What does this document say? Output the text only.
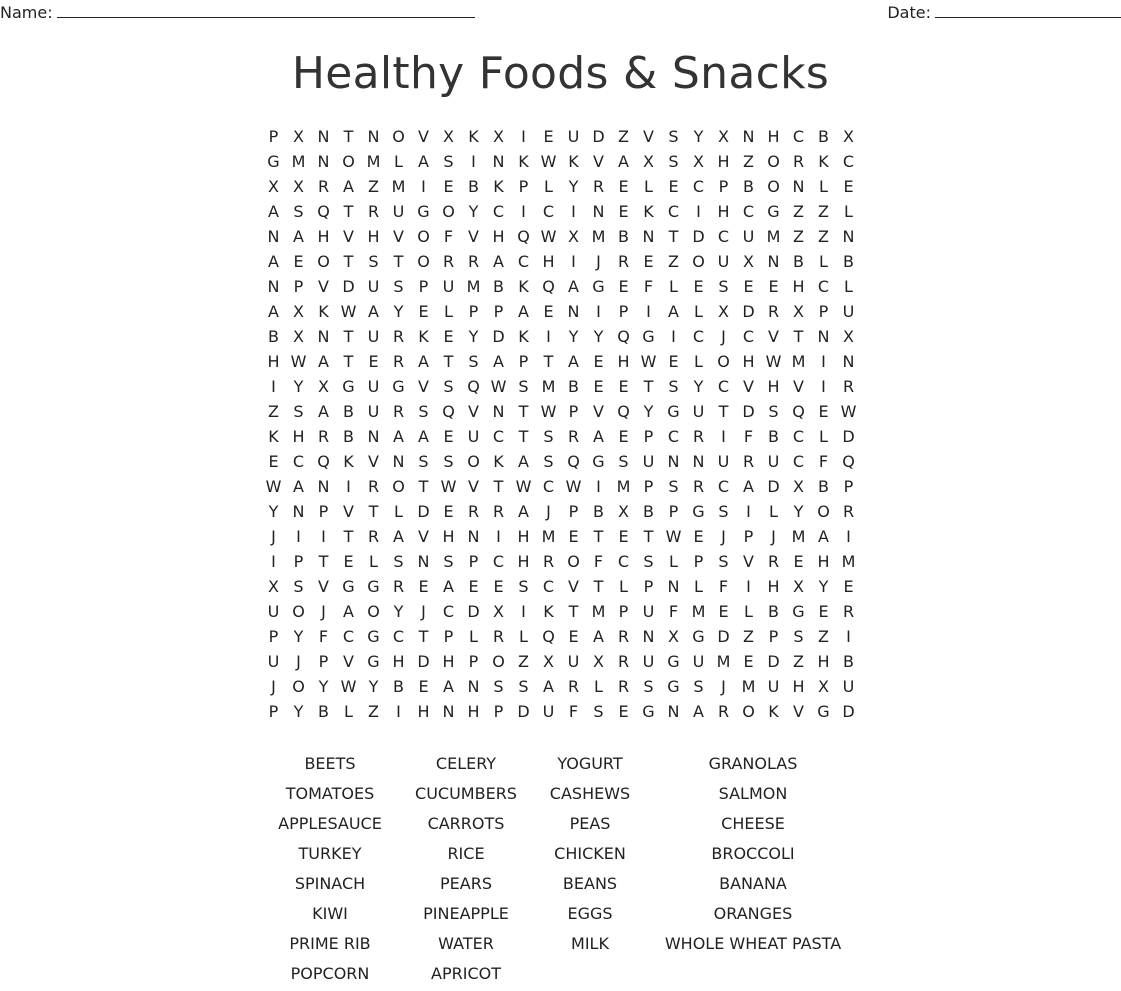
Name:	Date:
Healthy Foods & Snacks
P X N T N O V X K X	I	E U D Z V S Y X N H C B X
G M N O M L A S	I	N K W K V A X S X H Z O R K C
X X R A Z M I	E B K P L Y R E L E C P B O N L E
A S Q T R U G O Y C	I	C	I	N E K C	I	H C G Z Z L
N A H V H V O F V H Q W X M B N T D C U M Z Z N
A E O T S T O R R A C H	I	J	R E Z O U X N B L B
N P V D U S P U M B K Q A G E F L E S E E H C L
A X K W A Y E L P P A E N	I	P	I	A L X D R X P U
B X N T U R K E Y D K	I	Y Y Q G	I	C	J	C V T N X
H W A T E R A T S A P T A E H W E L O H W M I	N
I	Y X G U G V S Q W S M B E E T S Y C V H V	I	R
Z S A B U R S Q V N T W P V Q Y G U T D S Q E W
K H R B N A A E U C T S R A E P C R	I	F B C L D
E C Q K V N S S O K A S Q G S U N N U R U C F Q
W A N	I	R O T W V T W C W I M P S R C A D X B P
Y N P V T L D E R R A	J	P B X B P G S	I	L Y O R
J	I	I	T R A V H N	I	H M E T E T W E	J	P	J M A	I
I	P T E L S N S P C H R O F C S L P S V R E H M
X S V G G R E A E E S C V T L P N L F	I	H X Y E
U O	J	A O Y	J	C D X	I	K T M P U F M E L B G E R
P Y F C G C T P L R L Q E A R N X G D Z P S Z	I
U	J	P V G H D H P O Z X U X R U G U M E D Z H B
J	O Y W Y B E A N S S A R L R S G S	J M U H X U
P Y B L Z	I	H N H P D U F S E G N A R O K V G D
BEETS
TOMATOES
APPLESAUCE
TURKEY
SPINACH
KIWI
PRIME RIB
POPCORN
CELERY
CUCUMBERS
CARROTS
RICE
PEARS
PINEAPPLE
WATER
APRICOT
YOGURT
CASHEWS
PEAS
CHICKEN
BEANS
EGGS
MILK
GRANOLAS
SALMON
CHEESE
BROCCOLI
BANANA
ORANGES
WHOLE WHEAT PASTA
